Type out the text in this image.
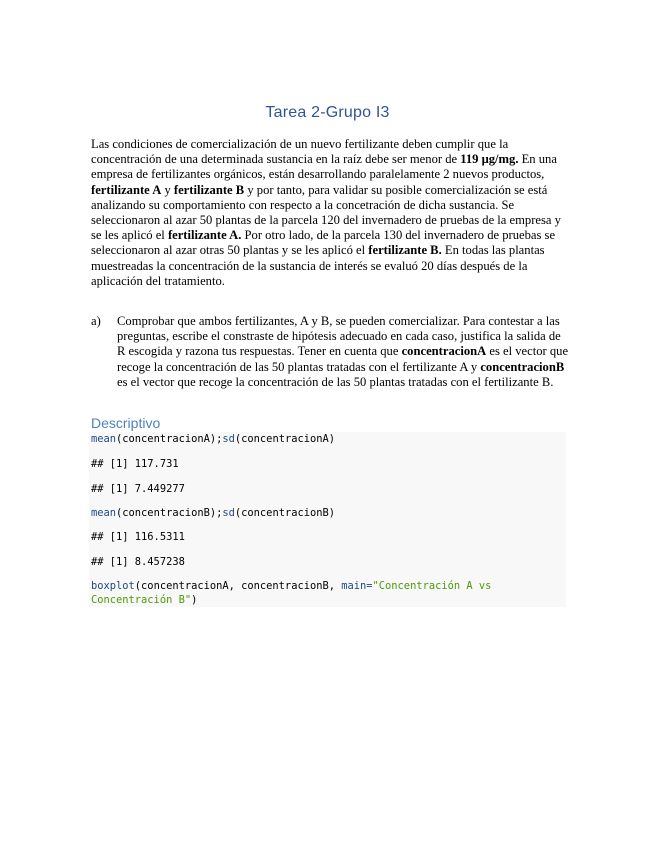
Tarea 2-Grupo I3

Las condiciones de comercialización de un nuevo fertilizante deben cumplir que la concentración de una determinada sustancia en la raíz debe ser menor de 119 μg/mg. En una empresa de fertilizantes orgánicos, están desarrollando paralelamente 2 nuevos productos, fertilizante A y fertilizante B y por tanto, para validar su posible comercialización se está analizando su comportamiento con respecto a la concetración de dicha sustancia. Se seleccionaron al azar 50 plantas de la parcela 120 del invernadero de pruebas de la empresa y se les aplicó el fertilizante A. Por otro lado, de la parcela 130 del invernadero de pruebas se seleccionaron al azar otras 50 plantas y se les aplicó el fertilizante B. En todas las plantas muestreadas la concentración de la sustancia de interés se evaluó 20 días después de la aplicación del tratamiento.

a) Comprobar que ambos fertilizantes, A y B, se pueden comercializar. Para contestar a las preguntas, escribe el constraste de hipótesis adecuado en cada caso, justifica la salida de R escogida y razona tus respuestas. Tener en cuenta que concentracionA es el vector que recoge la concentración de las 50 plantas tratadas con el fertilizante A y concentracionB es el vector que recoge la concentración de las 50 plantas tratadas con el fertilizante B.
Descriptivo
mean(concentracionA);sd(concentracionA)
## [1] 117.731
## [1] 7.449277
mean(concentracionB);sd(concentracionB)
## [1] 116.5311
## [1] 8.457238
boxplot(concentracionA, concentracionB, main="Concentración A vs
Concentración B")
